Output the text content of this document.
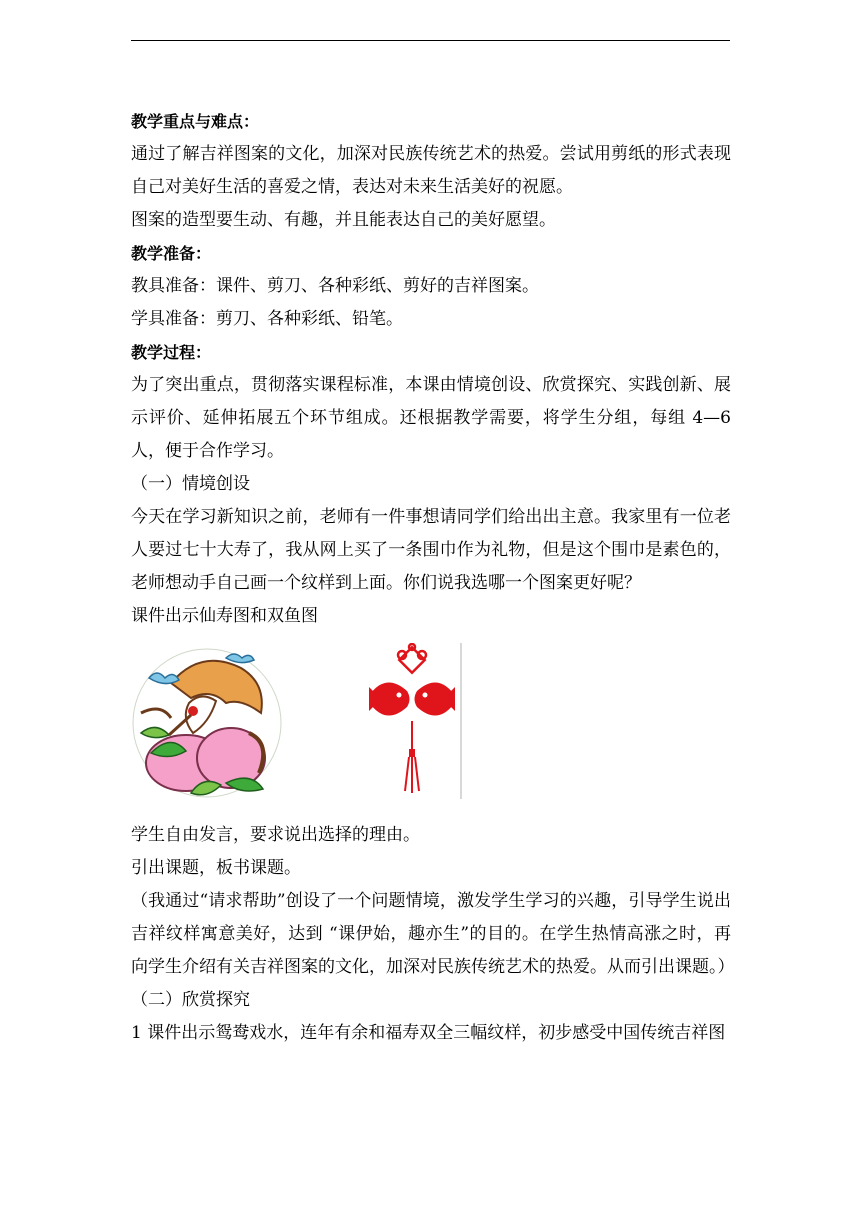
教学重点与难点：

通过了解吉祥图案的文化，加深对民族传统艺术的热爱。尝试用剪纸的形式表现自己对美好生活的喜爱之情，表达对未来生活美好的祝愿。

图案的造型要生动、有趣，并且能表达自己的美好愿望。

教学准备：

教具准备：课件、剪刀、各种彩纸、剪好的吉祥图案。

学具准备：剪刀、各种彩纸、铅笔。

教学过程：

为了突出重点，贯彻落实课程标准，本课由情境创设、欣赏探究、实践创新、展示评价、延伸拓展五个环节组成。还根据教学需要，将学生分组，每组 4—6 人，便于合作学习。

（一）情境创设

今天在学习新知识之前，老师有一件事想请同学们给出出主意。我家里有一位老人要过七十大寿了，我从网上买了一条围巾作为礼物，但是这个围巾是素色的，老师想动手自己画一个纹样到上面。你们说我选哪一个图案更好呢？

课件出示仙寿图和双鱼图

学生自由发言，要求说出选择的理由。

引出课题，板书课题。

（我通过“请求帮助”创设了一个问题情境，激发学生学习的兴趣，引导学生说出吉祥纹样寓意美好，达到 “课伊始，趣亦生”的目的。在学生热情高涨之时，再向学生介绍有关吉祥图案的文化，加深对民族传统艺术的热爱。从而引出课题。）

（二）欣赏探究

1 课件出示鸳鸯戏水，连年有余和福寿双全三幅纹样，初步感受中国传统吉祥图
